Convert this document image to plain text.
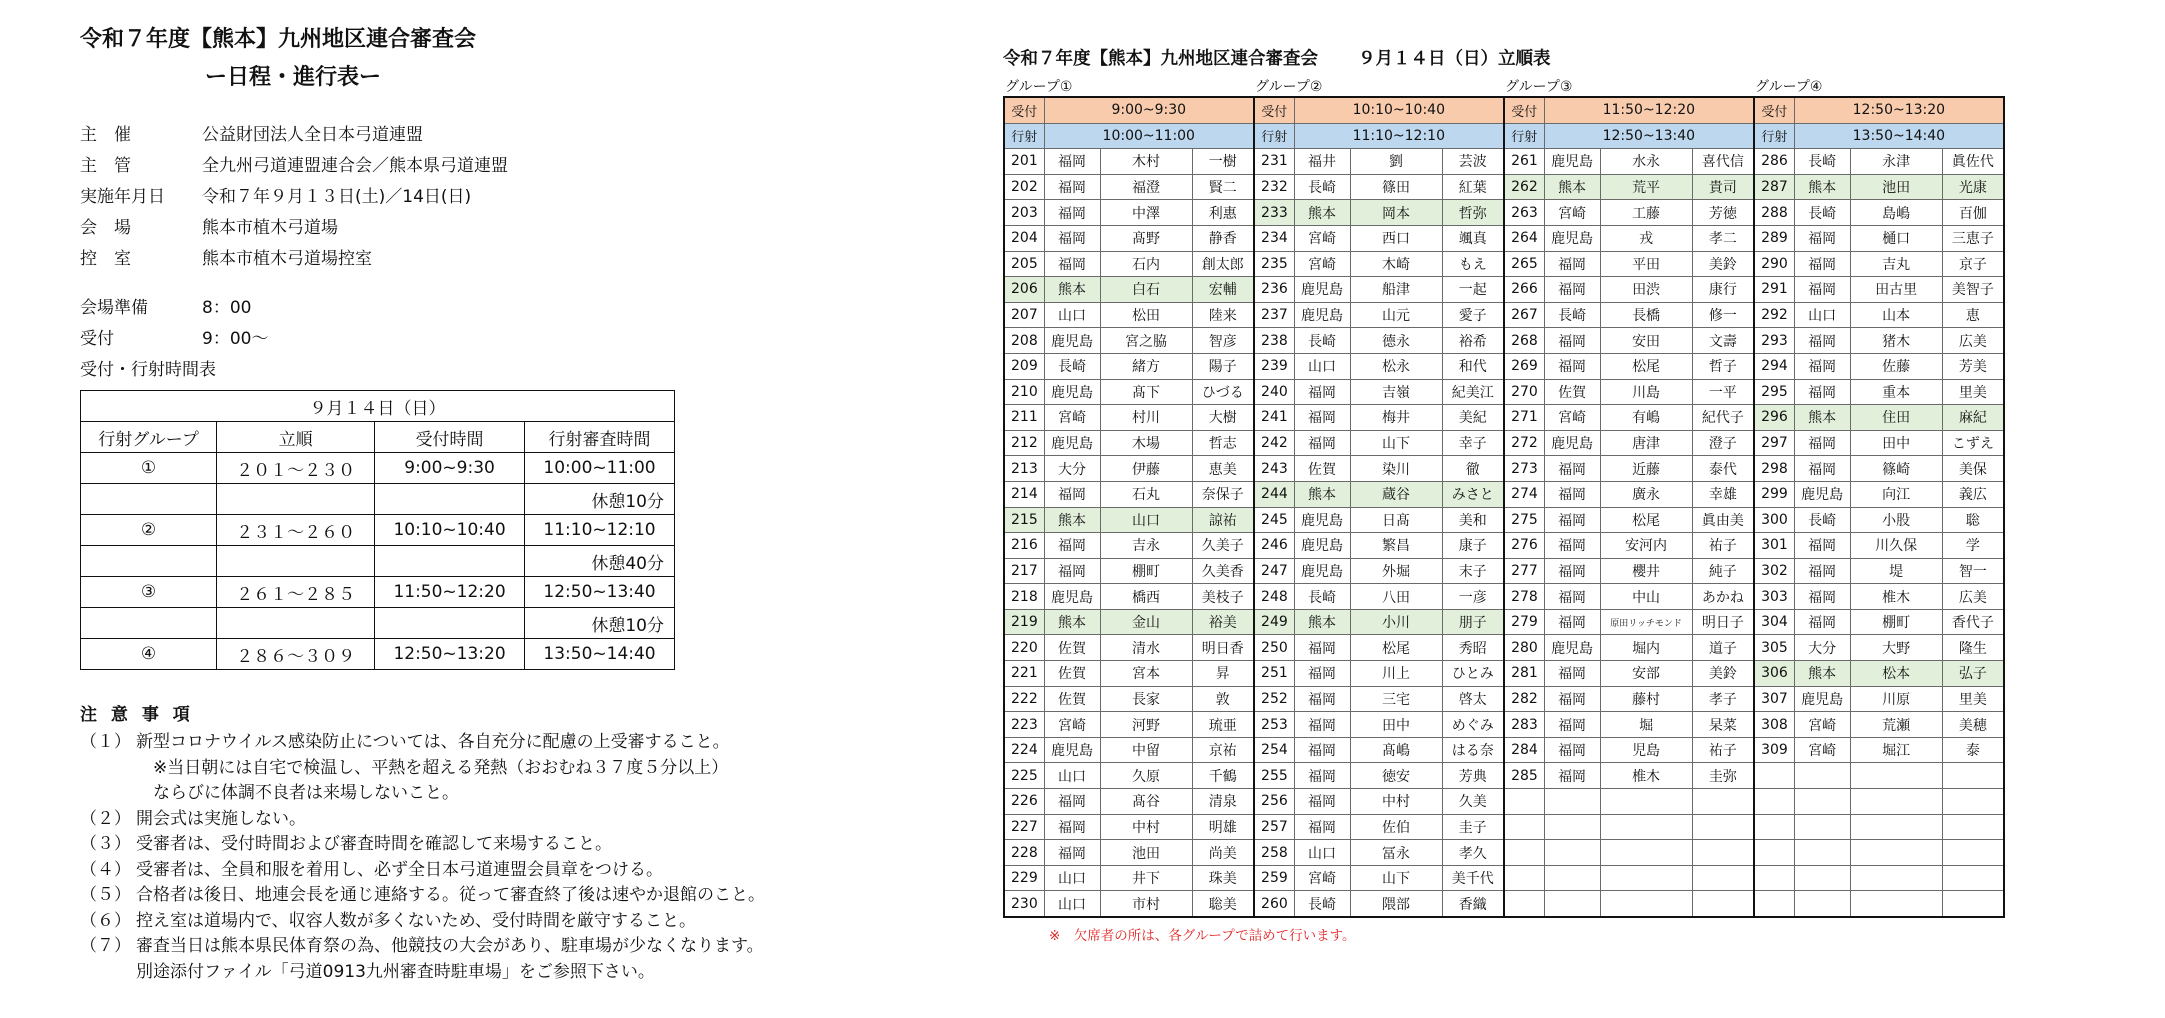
令和７年度【熊本】九州地区連合審査会
ー日程・進行表ー
主　催	公益財団法人全日本弓道連盟
主　管	全九州弓道連盟連合会／熊本県弓道連盟
実施年月日	令和７年９月１３日(土)／14日(日)
会　場	熊本市植木弓道場
控　室	熊本市植木弓道場控室
会場準備	8：00
受付	9：00〜
受付・行射時間表
９月１４日（日）			
行射グループ	立順	受付時間	行射審査時間
①	２０１～２３０	9:00~9:30	10:00~11:00
			休憩10分
②	２３１～２６０	10:10~10:40	11:10~12:10
			休憩40分
③	２６１～２８５	11:50~12:20	12:50~13:40
			休憩10分
④	２８６～３０９	12:50~13:20	13:50~14:40
注 意 事 項
（１） 新型コロナウイルス感染防止については、各自充分に配慮の上受審すること。
　※当日朝には自宅で検温し、平熱を超える発熱（おおむね３７度５分以上）
　ならびに体調不良者は来場しないこと。
（２） 開会式は実施しない。
（３） 受審者は、受付時間および審査時間を確認して来場すること。
（４） 受審者は、全員和服を着用し、必ず全日本弓道連盟会員章をつける。
（５） 合格者は後日、地連会長を通じ連絡する。従って審査終了後は速やか退館のこと。
（６） 控え室は道場内で、収容人数が多くないため、受付時間を厳守すること。
（７） 審査当日は熊本県民体育祭の為、他競技の大会があり、駐車場が少なくなります。
別途添付ファイル「弓道0913九州審査時駐車場」をご参照下さい。
令和７年度【熊本】九州地区連合審査会 ９月１４日（日）立順表
グループ①	グループ②	グループ③	グループ④
受付	9:00~9:30			受付	10:10~10:40			受付	11:50~12:20			受付	12:50~13:20		
行射	10:00~11:00			行射	11:10~12:10			行射	12:50~13:40			行射	13:50~14:40		
201	福岡	木村	一樹	231	福井	劉	芸波	261	鹿児島	水永	喜代信	286	長崎	永津	眞佐代
202	福岡	福澄	賢二	232	長崎	篠田	紅葉	262	熊本	荒平	貴司	287	熊本	池田	光康
203	福岡	中澤	利惠	233	熊本	岡本	哲弥	263	宮崎	工藤	芳徳	288	長崎	島嶋	百伽
204	福岡	髙野	静香	234	宮崎	西口	颯真	264	鹿児島	戎	孝二	289	福岡	樋口	三恵子
205	福岡	石内	創太郎	235	宮崎	木崎	もえ	265	福岡	平田	美鈴	290	福岡	吉丸	京子
206	熊本	白石	宏輔	236	鹿児島	船津	一起	266	福岡	田渋	康行	291	福岡	田古里	美智子
207	山口	松田	陸来	237	鹿児島	山元	愛子	267	長崎	長橋	修一	292	山口	山本	恵
208	鹿児島	宮之脇	智彦	238	長崎	德永	裕希	268	福岡	安田	文壽	293	福岡	猪木	広美
209	長崎	緒方	陽子	239	山口	松永	和代	269	福岡	松尾	哲子	294	福岡	佐藤	芳美
210	鹿児島	髙下	ひづる	240	福岡	吉嶺	紀美江	270	佐賀	川島	一平	295	福岡	重本	里美
211	宮崎	村川	大樹	241	福岡	梅井	美紀	271	宮崎	有嶋	紀代子	296	熊本	住田	麻紀
212	鹿児島	木場	哲志	242	福岡	山下	幸子	272	鹿児島	唐津	澄子	297	福岡	田中	こずえ
213	大分	伊藤	恵美	243	佐賀	染川	徹	273	福岡	近藤	泰代	298	福岡	篠崎	美保
214	福岡	石丸	奈保子	244	熊本	蔵谷	みさと	274	福岡	廣永	幸雄	299	鹿児島	向江	義広
215	熊本	山口	諒祐	245	鹿児島	日髙	美和	275	福岡	松尾	眞由美	300	長崎	小股	聡
216	福岡	吉永	久美子	246	鹿児島	繁昌	康子	276	福岡	安河内	祐子	301	福岡	川久保	学
217	福岡	棚町	久美香	247	鹿児島	外堀	末子	277	福岡	櫻井	純子	302	福岡	堤	智一
218	鹿児島	橋西	美枝子	248	長崎	八田	一彦	278	福岡	中山	あかね	303	福岡	椎木	広美
219	熊本	金山	裕美	249	熊本	小川	朋子	279	福岡	原田リッチモンド	明日子	304	福岡	棚町	香代子
220	佐賀	清水	明日香	250	福岡	松尾	秀昭	280	鹿児島	堀内	道子	305	大分	大野	隆生
221	佐賀	宮本	昇	251	福岡	川上	ひとみ	281	福岡	安部	美鈴	306	熊本	松本	弘子
222	佐賀	長家	敦	252	福岡	三宅	啓太	282	福岡	藤村	孝子	307	鹿児島	川原	里美
223	宮崎	河野	琉亜	253	福岡	田中	めぐみ	283	福岡	堀	杲菜	308	宮崎	荒瀬	美穂
224	鹿児島	中留	京祐	254	福岡	髙嶋	はる奈	284	福岡	児島	祐子	309	宮崎	堀江	泰
225	山口	久原	千鶴	255	福岡	徳安	芳典	285	福岡	椎木	圭弥				
226	福岡	髙谷	清泉	256	福岡	中村	久美								
227	福岡	中村	明雄	257	福岡	佐伯	圭子								
228	福岡	池田	尚美	258	山口	冨永	孝久								
229	山口	井下	珠美	259	宮崎	山下	美千代								
230	山口	市村	聡美	260	長崎	隈部	香織								
※　欠席者の所は、各グループで詰めて行います。
